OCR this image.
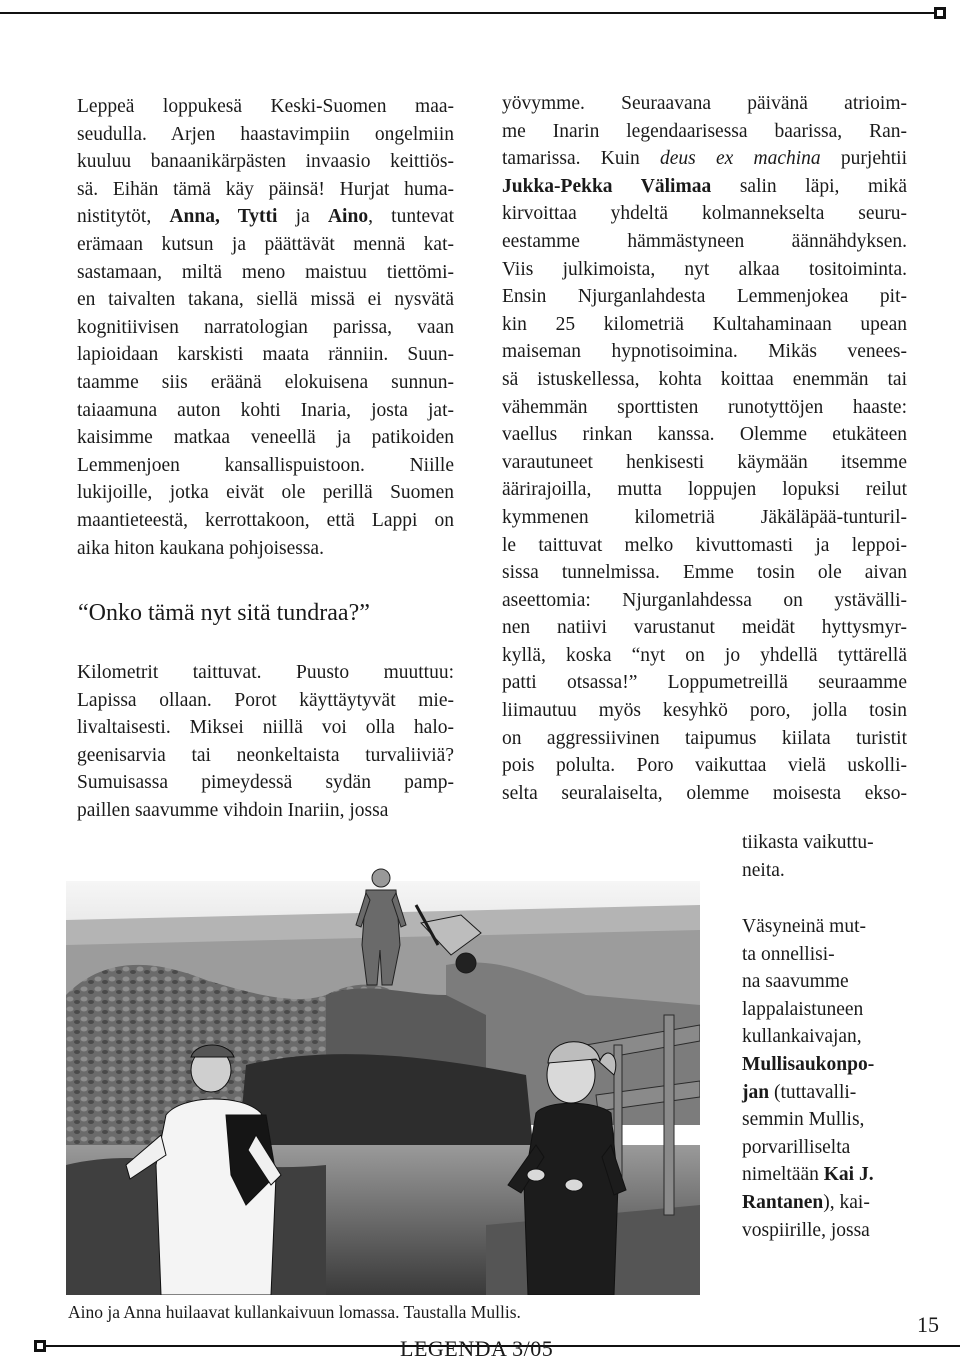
Leppeä loppukesä Keski-Suomen maa-
seudulla. Arjen haastavimpiin ongelmiin
kuuluu banaanikärpästen invaasio keittiös-
sä. Eihän tämä käy päinsä! Hurjat huma-
nistitytöt, Anna, Tytti ja Aino, tuntevat
erämaan kutsun ja päättävät mennä kat-
sastamaan, miltä meno maistuu tiettömi-
en taivalten takana, siellä missä ei nysvätä
kognitiivisen narratologian parissa, vaan
lapioidaan karskisti maata ränniin. Suun-
taamme siis eräänä elokuisena sunnun-
taiaamuna auton kohti Inaria, josta jat-
kaisimme matkaa veneellä ja patikoiden
Lemmenjoen kansallispuistoon. Niille
lukijoille, jotka eivät ole perillä Suomen
maantieteestä, kerrottakoon, että Lappi on
aika hiton kaukana pohjoisessa.
“Onko tämä nyt sitä tundraa?”
Kilometrit taittuvat. Puusto muuttuu:
Lapissa ollaan. Porot käyttäytyvät mie-
livaltaisesti. Miksei niillä voi olla halo-
geenisarvia tai neonkeltaista turvaliiviä?
Sumuisassa pimeydessä sydän pamp-
paillen saavumme vihdoin Inariin, jossa
yövymme. Seuraavana päivänä atrioim-
me Inarin legendaarisessa baarissa, Ran-
tamarissa. Kuin deus ex machina purjehtii
Jukka-Pekka Välimaa salin läpi, mikä
kirvoittaa yhdeltä kolmannekselta seuru-
eestamme hämmästyneen äännähdyksen.
Viis julkimoista, nyt alkaa tositoiminta.
Ensin Njurganlahdesta Lemmenjokea pit-
kin 25 kilometriä Kultahaminaan upean
maiseman hypnotisoimina. Mikäs venees-
sä istuskellessa, kohta koittaa enemmän tai
vähemmän sporttisten runotyttöjen haaste:
vaellus rinkan kanssa. Olemme etukäteen
varautuneet henkisesti käymään itsemme
äärirajoilla, mutta loppujen lopuksi reilut
kymmenen kilometriä Jäkäläpää-tunturil-
le taittuvat melko kivuttomasti ja leppoi-
sissa tunnelmissa. Emme tosin ole aivan
aseettomia: Njurganlahdessa on ystävälli-
nen natiivi varustanut meidät hyttysmyr-
kyllä, koska “nyt on jo yhdellä tyttärellä
patti otsassa!” Loppumetreillä seuraamme
liimautuu myös kesyhkö poro, jolla tosin
on aggressiivinen taipumus kiilata turistit
pois polulta. Poro vaikuttaa vielä uskolli-
selta seuralaiselta, olemme moisesta ekso-
tiikasta vaikuttu-
neita.
Väsyneinä mut-
ta onnellisi-
na saavumme
lappalaistuneen
kullankaivajan,
Mullisaukonpo-
jan (tuttavalli-
semmin Mullis,
porvarilliselta
nimeltään Kai J.
Rantanen), kai-
vospiirille, jossa
Aino ja Anna huilaavat kullankaivuun lomassa. Taustalla Mullis.	15
LEGENDA 3/05
